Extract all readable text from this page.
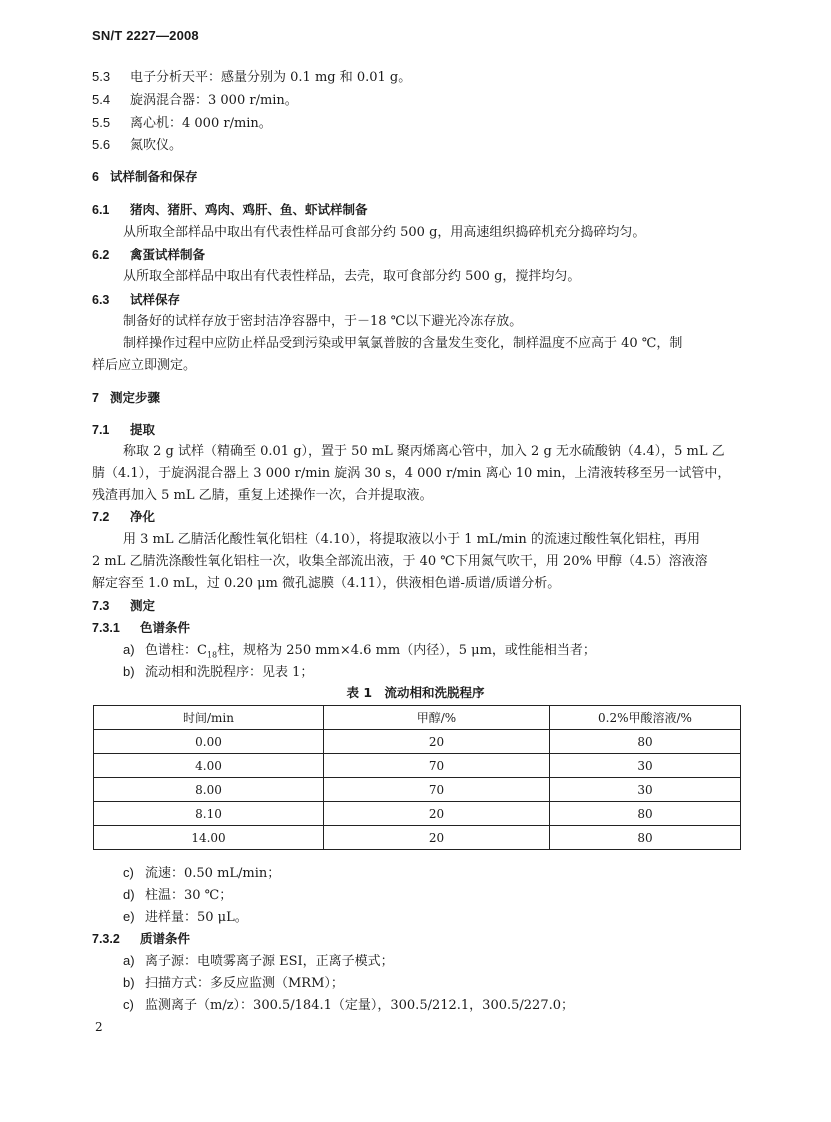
SN/T 2227—2008
5.3 电子分析天平：感量分别为 0.1 mg 和 0.01 g。
5.4 旋涡混合器：3 000 r/min。
5.5 离心机：4 000 r/min。
5.6 氮吹仪。
6 试样制备和保存
6.1 猪肉、猪肝、鸡肉、鸡肝、鱼、虾试样制备
从所取全部样品中取出有代表性样品可食部分约 500 g，用高速组织捣碎机充分捣碎均匀。
6.2 禽蛋试样制备
从所取全部样品中取出有代表性样品，去壳，取可食部分约 500 g，搅拌均匀。
6.3 试样保存
制备好的试样存放于密封洁净容器中，于－18 ℃以下避光冷冻存放。
制样操作过程中应防止样品受到污染或甲氧氯普胺的含量发生变化，制样温度不应高于 40 ℃，制
样后应立即测定。
7 测定步骤
7.1 提取
称取 2 g 试样（精确至 0.01 g），置于 50 mL 聚丙烯离心管中，加入 2 g 无水硫酸钠（4.4），5 mL 乙
腈（4.1），于旋涡混合器上 3 000 r/min 旋涡 30 s，4 000 r/min 离心 10 min，上清液转移至另一试管中，
残渣再加入 5 mL 乙腈，重复上述操作一次，合并提取液。
7.2 净化
用 3 mL 乙腈活化酸性氧化铝柱（4.10），将提取液以小于 1 mL/min 的流速过酸性氧化铝柱，再用
2 mL 乙腈洗涤酸性氧化铝柱一次，收集全部流出液，于 40 ℃下用氮气吹干，用 20% 甲醇（4.5）溶液溶
解定容至 1.0 mL，过 0.20 μm 微孔滤膜（4.11），供液相色谱-质谱/质谱分析。
7.3 测定
7.3.1 色谱条件
a) 色谱柱：$C_{18}$柱，规格为 250 mm×4.6 mm（内径），5 μm，或性能相当者；
b) 流动相和洗脱程序：见表 1；
表 1　流动相和洗脱程序
时间/min	甲醇/%	0.2%甲酸溶液/%
0.00	20	80
4.00	70	30
8.00	70	30
8.10	20	80
14.00	20	80
c) 流速：0.50 mL/min；
d) 柱温：30 ℃；
e) 进样量：50 μL。
7.3.2 质谱条件
a) 离子源：电喷雾离子源 ESI，正离子模式；
b) 扫描方式：多反应监测（MRM）；
c) 监测离子（m/z）：300.5/184.1（定量），300.5/212.1，300.5/227.0；
2
